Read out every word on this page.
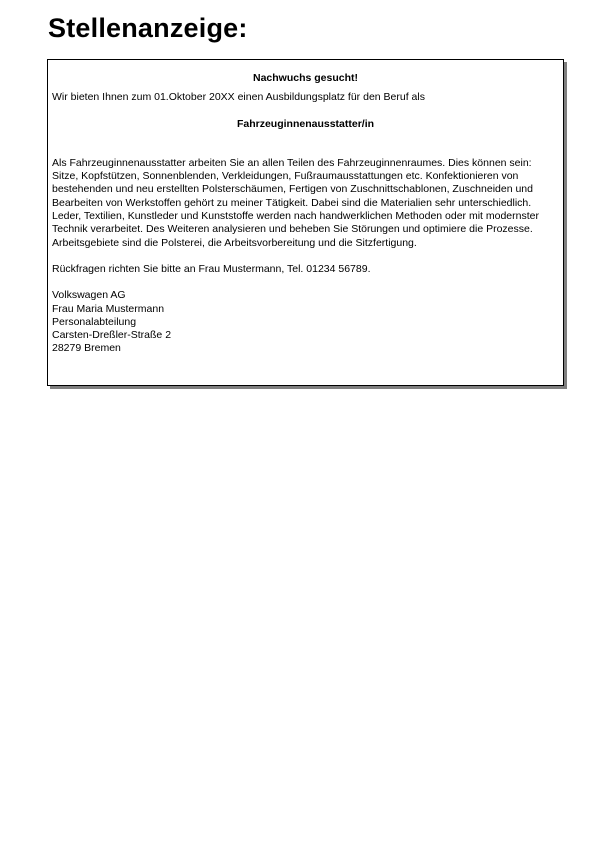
Stellenanzeige:

Nachwuchs gesucht!

Wir bieten Ihnen zum 01.Oktober 20XX einen Ausbildungsplatz für den Beruf als

Fahrzeuginnenausstatter/in

Als Fahrzeuginnenausstatter arbeiten Sie an allen Teilen des Fahrzeuginnenraumes. Dies können sein: Sitze, Kopfstützen, Sonnenblenden, Verkleidungen, Fußraumausstattungen etc. Konfektionieren von bestehenden und neu erstellten Polsterschäumen, Fertigen von Zuschnittschablonen, Zuschneiden und Bearbeiten von Werkstoffen gehört zu meiner Tätigkeit. Dabei sind die Materialien sehr unterschiedlich. Leder, Textilien, Kunstleder und Kunststoffe werden nach handwerklichen Methoden oder mit modernster Technik verarbeitet. Des Weiteren analysieren und beheben Sie Störungen und optimiere die Prozesse. Arbeitsgebiete sind die Polsterei, die Arbeitsvorbereitung und die Sitzfertigung.

Rückfragen richten Sie bitte an Frau Mustermann, Tel. 01234 56789.

Volkswagen AG
Frau Maria Mustermann
Personalabteilung
Carsten-Dreßler-Straße 2
28279 Bremen
